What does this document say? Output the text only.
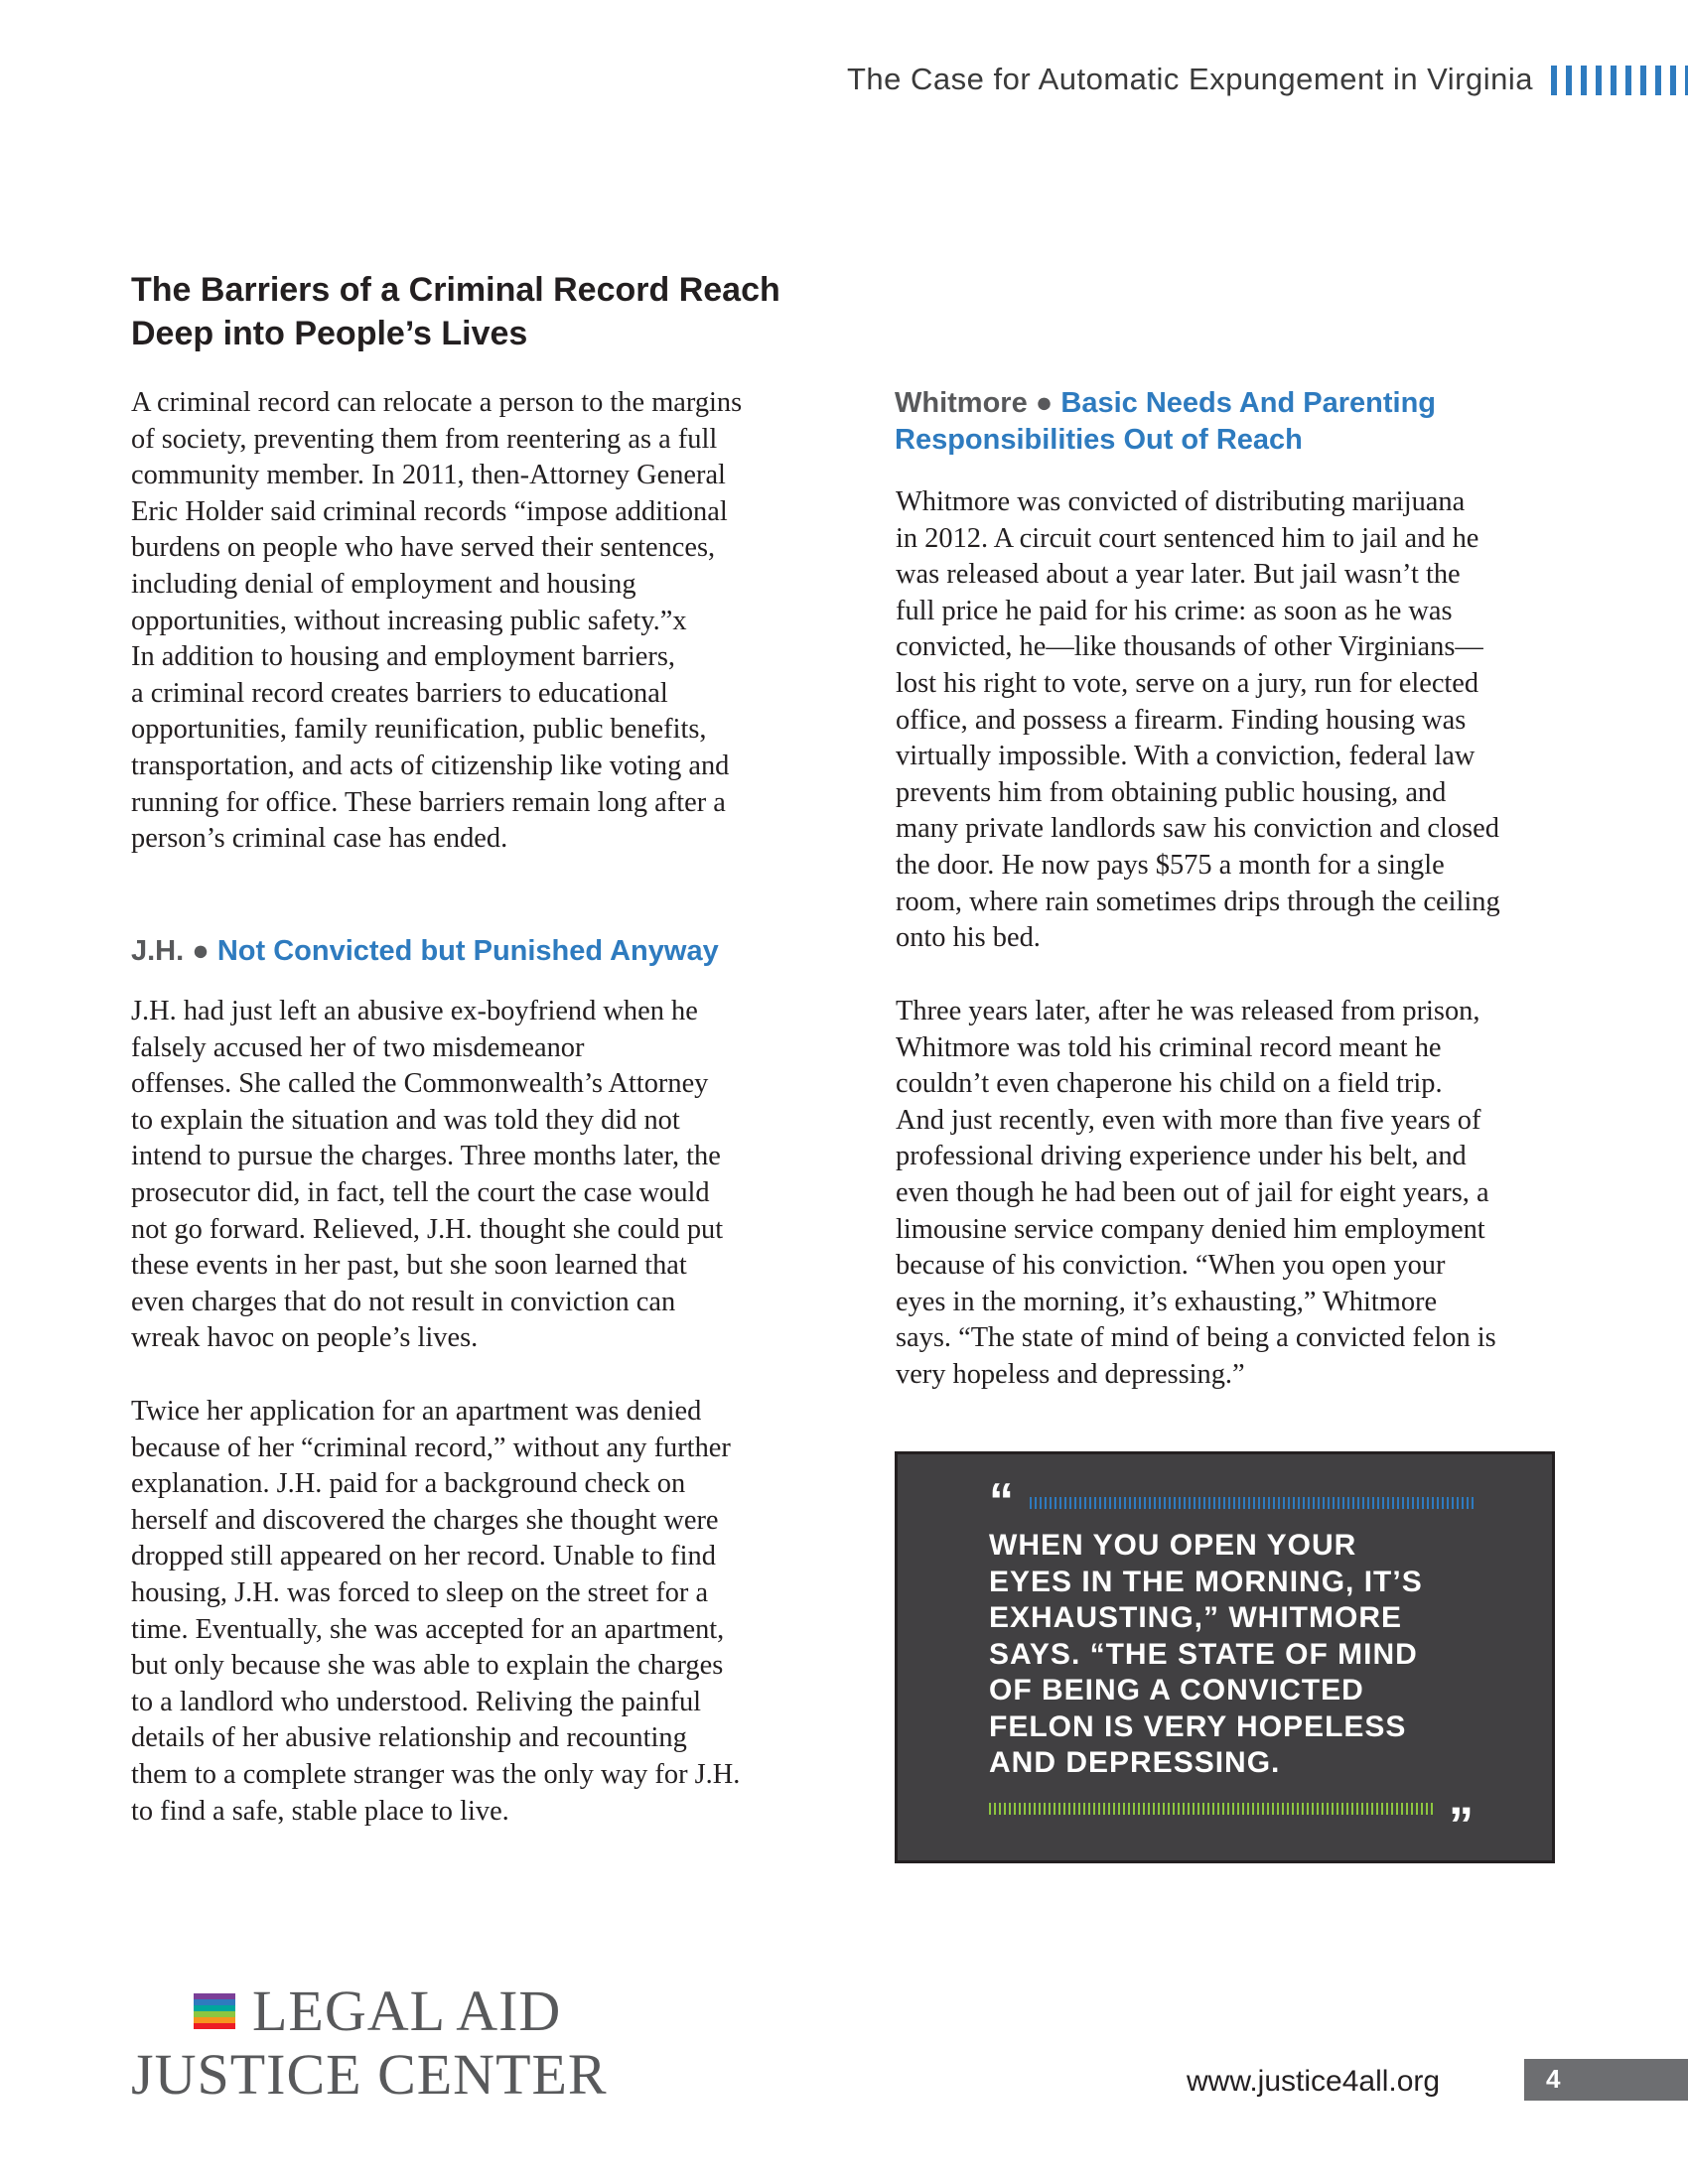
The Case for Automatic Expungement in Virginia
The Barriers of a Criminal Record Reach
Deep into People’s Lives
A criminal record can relocate a person to the margins
of society, preventing them from reentering as a full
community member. In 2011, then-Attorney General
Eric Holder said criminal records “impose additional
burdens on people who have served their sentences,
including denial of employment and housing
opportunities, without increasing public safety.”x
In addition to housing and employment barriers,
a criminal record creates barriers to educational
opportunities, family reunification, public benefits,
transportation, and acts of citizenship like voting and
running for office. These barriers remain long after a
person’s criminal case has ended.
J.H. ● Not Convicted but Punished Anyway
J.H. had just left an abusive ex-boyfriend when he
falsely accused her of two misdemeanor
offenses. She called the Commonwealth’s Attorney
to explain the situation and was told they did not
intend to pursue the charges. Three months later, the
prosecutor did, in fact, tell the court the case would
not go forward. Relieved, J.H. thought she could put
these events in her past, but she soon learned that
even charges that do not result in conviction can
wreak havoc on people’s lives.
Twice her application for an apartment was denied
because of her “criminal record,” without any further
explanation. J.H. paid for a background check on
herself and discovered the charges she thought were
dropped still appeared on her record. Unable to find
housing, J.H. was forced to sleep on the street for a
time. Eventually, she was accepted for an apartment,
but only because she was able to explain the charges
to a landlord who understood. Reliving the painful
details of her abusive relationship and recounting
them to a complete stranger was the only way for J.H.
to find a safe, stable place to live.
Whitmore ● Basic Needs And Parenting
Responsibilities Out of Reach
Whitmore was convicted of distributing marijuana
in 2012. A circuit court sentenced him to jail and he
was released about a year later. But jail wasn’t the
full price he paid for his crime: as soon as he was
convicted, he—like thousands of other Virginians—
lost his right to vote, serve on a jury, run for elected
office, and possess a firearm. Finding housing was
virtually impossible. With a conviction, federal law
prevents him from obtaining public housing, and
many private landlords saw his conviction and closed
the door. He now pays $575 a month for a single
room, where rain sometimes drips through the ceiling
onto his bed.
Three years later, after he was released from prison,
Whitmore was told his criminal record meant he
couldn’t even chaperone his child on a field trip.
And just recently, even with more than five years of
professional driving experience under his belt, and
even though he had been out of jail for eight years, a
limousine service company denied him employment
because of his conviction. “When you open your
eyes in the morning, it’s exhausting,” Whitmore
says. “The state of mind of being a convicted felon is
very hopeless and depressing.”
“
WHEN YOU OPEN YOUR
EYES IN THE MORNING, IT’S
EXHAUSTING,” WHITMORE
SAYS. “THE STATE OF MIND
OF BEING A CONVICTED
FELON IS VERY HOPELESS
AND DEPRESSING.
”
LEGAL AID
JUSTICE CENTER	www.justice4all.org	4
